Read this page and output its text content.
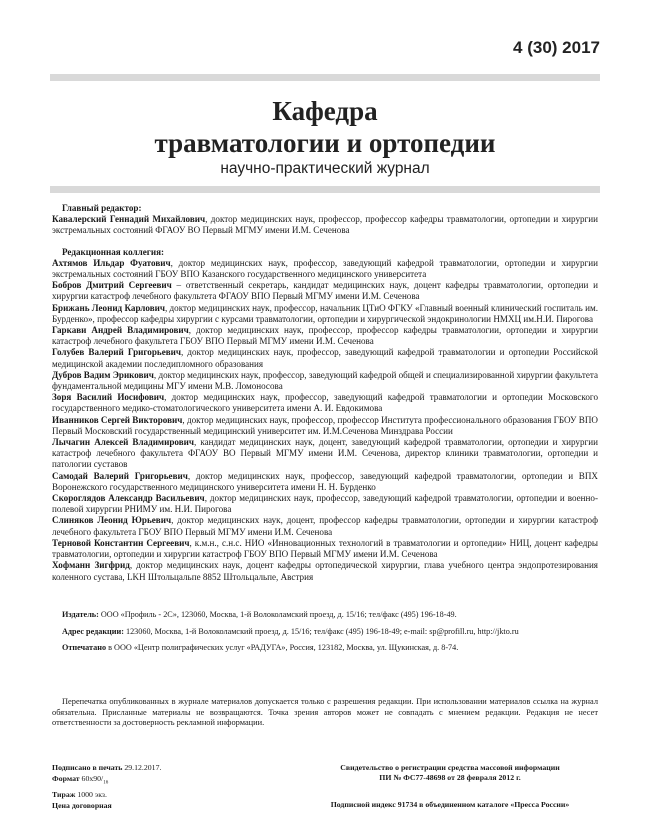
4 (30) 2017
Кафедра
травматологии и ортопедии
научно-практический журнал
Главный редактор:

Кавалерский Геннадий Михайлович, доктор медицинских наук, профессор, профессор кафедры травматологии, ортопедии и хирургии экстремальных состояний ФГАОУ ВО Первый МГМУ имени И.М. Сеченова

Редакционная коллегия:

Ахтямов Ильдар Фуатович, доктор медицинских наук, профессор, заведующий кафедрой травматологии, ортопедии и хирургии экстремальных состояний ГБОУ ВПО Казанского государственного медицинского университета

Бобров Дмитрий Сергеевич – ответственный секретарь, кандидат медицинских наук, доцент кафедры травматологии, ортопедии и хирургии катастроф лечебного факультета ФГАОУ ВПО Первый МГМУ имени И.М. Сеченова

Брижань Леонид Карлович, доктор медицинских наук, профессор, начальник ЦТиО ФГКУ «Главный военный клинический госпиталь им. Бурденко», профессор кафедры хирургии с курсами травматологии, ортопедии и хирургической эндокринологии НМХЦ им.Н.И. Пирогова

Гаркави Андрей Владимирович, доктор медицинских наук, профессор, профессор кафедры травматологии, ортопедии и хирургии катастроф лечебного факультета ГБОУ ВПО Первый МГМУ имени И.М. Сеченова

Голубев Валерий Григорьевич, доктор медицинских наук, профессор, заведующий кафедрой травматологии и ортопедии Российской медицинской академии последипломного образования

Дубров Вадим Эрикович, доктор медицинских наук, профессор, заведующий кафедрой общей и специализированной хирургии факультета фундаментальной медицины МГУ имени М.В. Ломоносова

Зоря Василий Иосифович, доктор медицинских наук, профессор, заведующий кафедрой травматологии и ортопедии Московского государственного медико-стоматологического университета имени А. И. Евдокимова

Иванников Сергей Викторович, доктор медицинских наук, профессор, профессор Института профессионального образования ГБОУ ВПО Первый Московский государственный медицинский университет им. И.М.Сеченова Минздрава России

Лычагин Алексей Владимирович, кандидат медицинских наук, доцент, заведующий кафедрой травматологии, ортопедии и хирургии катастроф лечебного факультета ФГАОУ ВО Первый МГМУ имени И.М. Сеченова, директор клиники травматологии, ортопедии и патологии суставов

Самодай Валерий Григорьевич, доктор медицинских наук, профессор, заведующий кафедрой травматологии, ортопедии и ВПХ Воронежского государственного медицинского университета имени Н. Н. Бурденко

Скороглядов Александр Васильевич, доктор медицинских наук, профессор, заведующий кафедрой травматологии, ортопедии и военно-полевой хирургии РНИМУ им. Н.И. Пирогова

Слиняков Леонид Юрьевич, доктор медицинских наук, доцент, профессор кафедры травматологии, ортопедии и хирургии катастроф лечебного факультета ГБОУ ВПО Первый МГМУ имени И.М. Сеченова

Терновой Константин Сергеевич, к.м.н., с.н.с. НИО «Инновационных технологий в травматологии и ортопедии» НИЦ, доцент кафедры травматологии, ортопедии и хирургии катастроф ГБОУ ВПО Первый МГМУ имени И.М. Сеченова

Хофманн Зигфрид, доктор медицинских наук, доцент кафедры ортопедической хирургии, глава учебного центра эндопротезирования коленного сустава, LKH Штольцальпе 8852 Штольцальпе, Австрия

Издатель: ООО «Профиль - 2С», 123060, Москва, 1-й Волоколамский проезд, д. 15/16; тел/факс (495) 196-18-49.

Адрес редакции: 123060, Москва, 1-й Волоколамский проезд, д. 15/16; тел/факс (495) 196-18-49; e-mail: sp@profill.ru, http://jkto.ru

Отпечатано в ООО «Центр полиграфических услуг «РАДУГА», Россия, 123182, Москва, ул. Щукинская, д. 8-74.

Перепечатка опубликованных в журнале материалов допускается только с разрешения редакции. При использовании материалов ссылка на журнал обязательна. Присланные материалы не возвращаются. Точка зрения авторов может не совпадать с мнением редакции. Редакция не несет ответственности за достоверность рекламной информации.
Подписано в печать 29.12.2017.
Формат $60х90/_{16}$
Тираж 1000 экз.
Цена договорная
Свидетельство о регистрации средства массовой информации
ПИ № ФС77-48698 от 28 февраля 2012 г.
Подписной индекс 91734 в объединенном каталоге «Пресса России»
